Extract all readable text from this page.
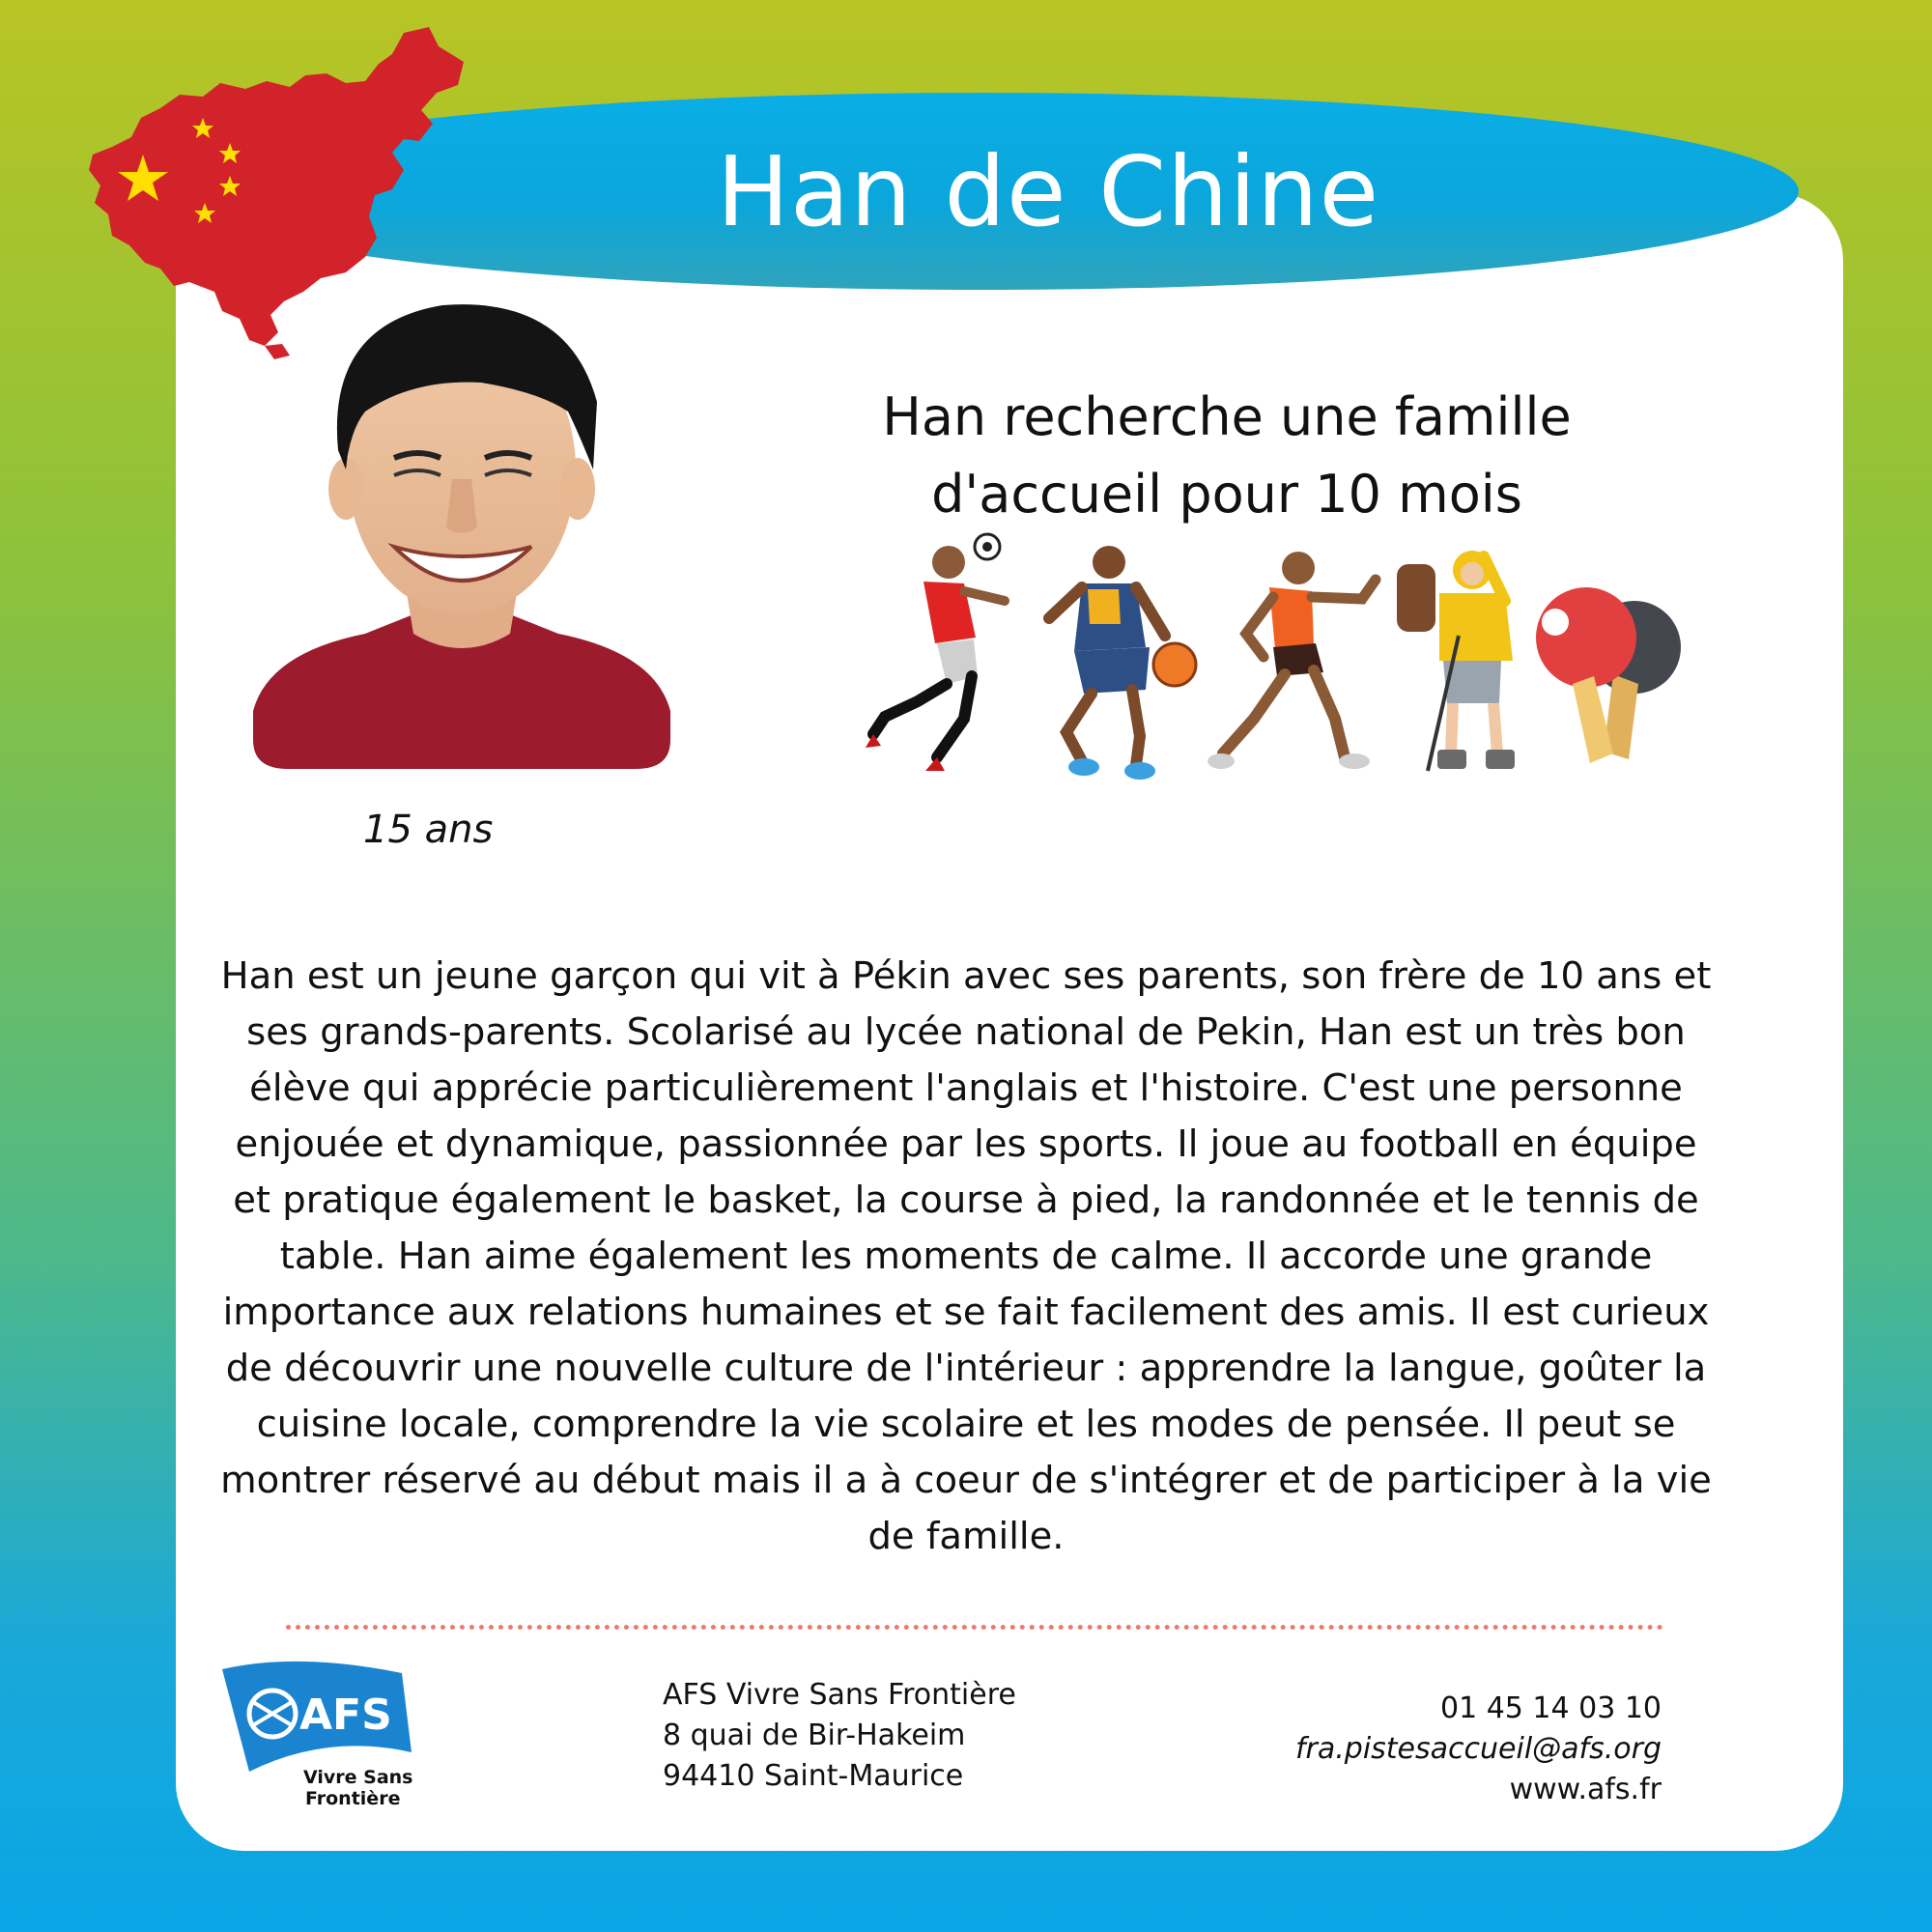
Han de Chine
15 ans
Han recherche une famille d'accueil pour 10 mois
Han est un jeune garçon qui vit à Pékin avec ses parents, son frère de 10 ans et ses grands-parents. Scolarisé au lycée national de Pekin, Han est un très bon élève qui apprécie particulièrement l'anglais et l'histoire. C'est une personne enjouée et dynamique, passionnée par les sports. Il joue au football en équipe et pratique également le basket, la course à pied, la randonnée et le tennis de table. Han aime également les moments de calme. Il accorde une grande importance aux relations humaines et se fait facilement des amis. Il est curieux de découvrir une nouvelle culture de l'intérieur : apprendre la langue, goûter la cuisine locale, comprendre la vie scolaire et les modes de pensée. Il peut se montrer réservé au début mais il a à coeur de s'intégrer et de participer à la vie de famille.
AFS
Vivre Sans
Frontière
AFS Vivre Sans Frontière
8 quai de Bir-Hakeim
94410 Saint-Maurice
01 45 14 03 10
fra.pistesaccueil@afs.org
www.afs.fr
